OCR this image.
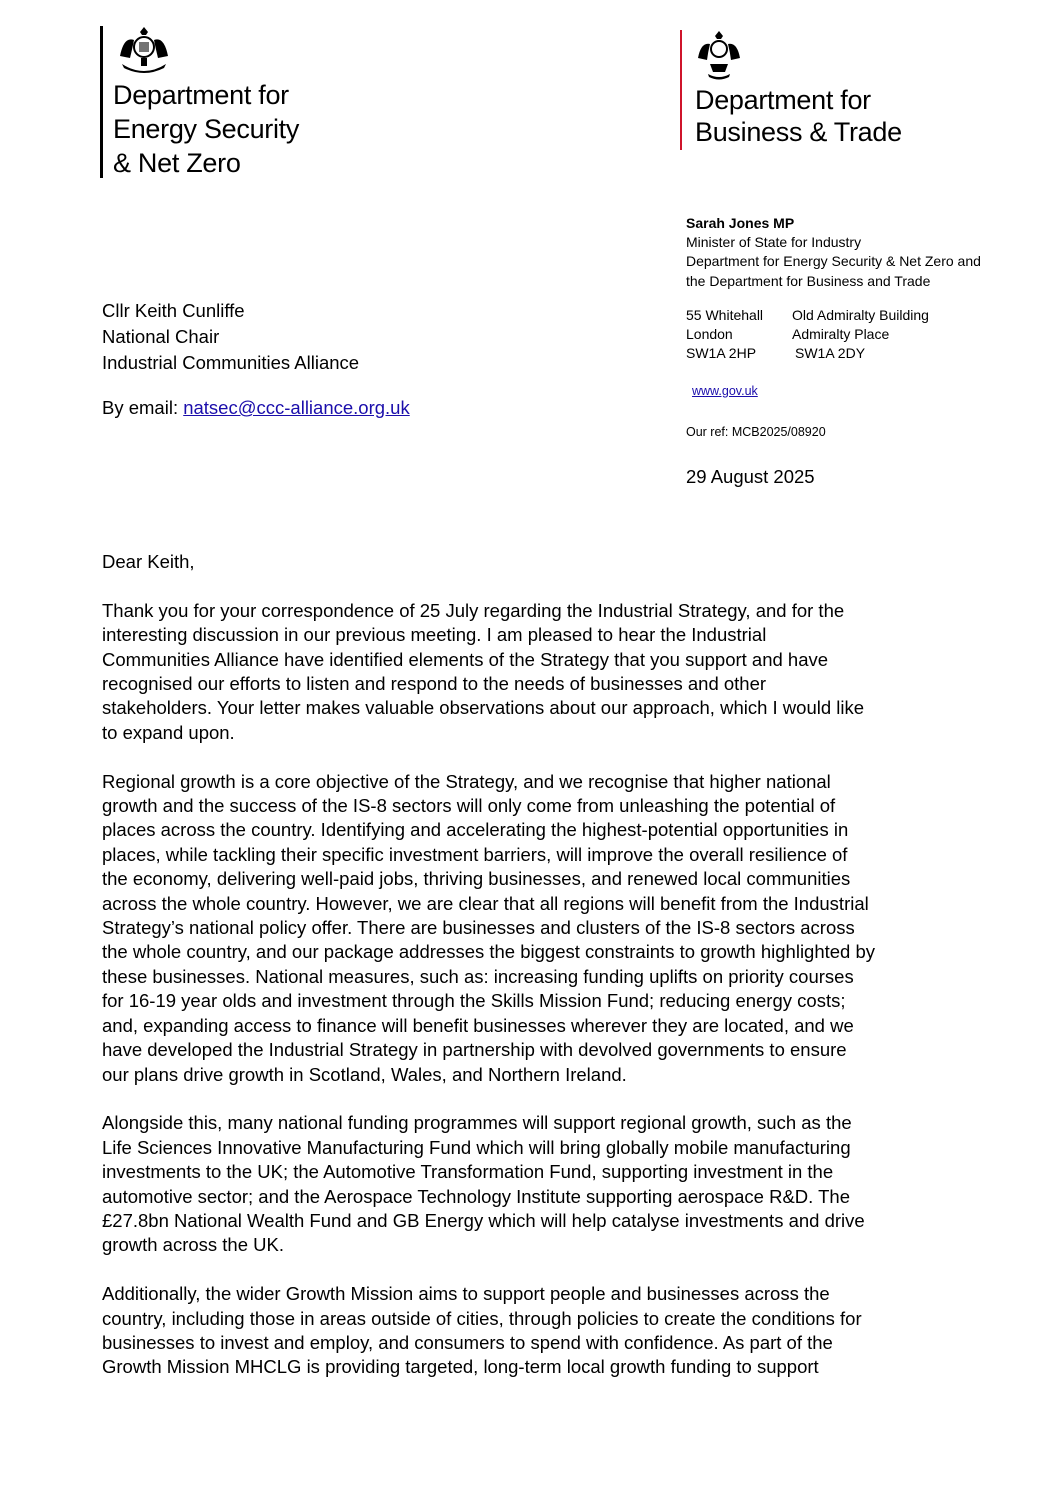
Department for
Energy Security
& Net Zero
Department for
Business & Trade
Sarah Jones MP
Minister of State for Industry
Department for Energy Security & Net Zero and
the Department for Business and Trade
55 Whitehall
London
SW1A 2HP
Old Admiralty Building
Admiralty Place
SW1A 2DY
www.gov.uk
Our ref: MCB2025/08920
29 August 2025
Cllr Keith Cunliffe
National Chair
Industrial Communities Alliance
By email: natsec@ccc-alliance.org.uk

Dear Keith,

Thank you for your correspondence of 25 July regarding the Industrial Strategy, and for the
interesting discussion in our previous meeting. I am pleased to hear the Industrial
Communities Alliance have identified elements of the Strategy that you support and have
recognised our efforts to listen and respond to the needs of businesses and other
stakeholders. Your letter makes valuable observations about our approach, which I would like
to expand upon.

Regional growth is a core objective of the Strategy, and we recognise that higher national
growth and the success of the IS-8 sectors will only come from unleashing the potential of
places across the country. Identifying and accelerating the highest-potential opportunities in
places, while tackling their specific investment barriers, will improve the overall resilience of
the economy, delivering well-paid jobs, thriving businesses, and renewed local communities
across the whole country. However, we are clear that all regions will benefit from the Industrial
Strategy’s national policy offer. There are businesses and clusters of the IS-8 sectors across
the whole country, and our package addresses the biggest constraints to growth highlighted by
these businesses. National measures, such as: increasing funding uplifts on priority courses
for 16-19 year olds and investment through the Skills Mission Fund; reducing energy costs;
and, expanding access to finance will benefit businesses wherever they are located, and we
have developed the Industrial Strategy in partnership with devolved governments to ensure
our plans drive growth in Scotland, Wales, and Northern Ireland.

Alongside this, many national funding programmes will support regional growth, such as the
Life Sciences Innovative Manufacturing Fund which will bring globally mobile manufacturing
investments to the UK; the Automotive Transformation Fund, supporting investment in the
automotive sector; and the Aerospace Technology Institute supporting aerospace R&D. The
£27.8bn National Wealth Fund and GB Energy which will help catalyse investments and drive
growth across the UK.

Additionally, the wider Growth Mission aims to support people and businesses across the
country, including those in areas outside of cities, through policies to create the conditions for
businesses to invest and employ, and consumers to spend with confidence. As part of the
Growth Mission MHCLG is providing targeted, long-term local growth funding to support
